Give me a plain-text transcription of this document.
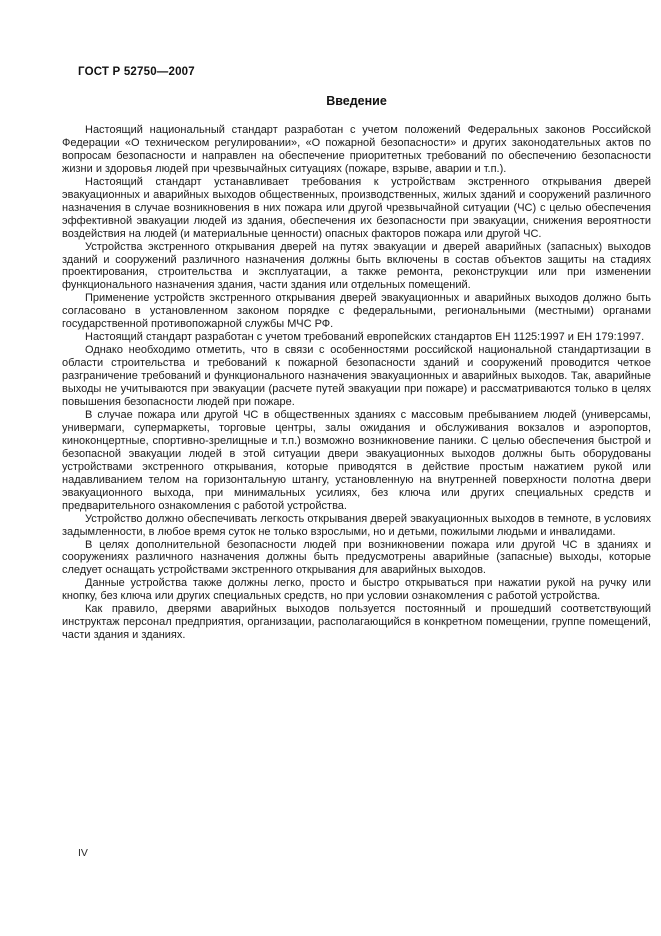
ГОСТ Р 52750—2007
Введение

Настоящий национальный стандарт разработан с учетом положений Федеральных законов Российской Федерации «О техническом регулировании», «О пожарной безопасности» и других законодательных актов по вопросам безопасности и направлен на обеспечение приоритетных требований по обеспечению безопасности жизни и здоровья людей при чрезвычайных ситуациях (пожаре, взрыве, аварии и т.п.).

Настоящий стандарт устанавливает требования к устройствам экстренного открывания дверей эвакуационных и аварийных выходов общественных, производственных, жилых зданий и сооружений различного назначения в случае возникновения в них пожара или другой чрезвычайной ситуации (ЧС) с целью обеспечения эффективной эвакуации людей из здания, обеспечения их безопасности при эвакуации, снижения вероятности воздействия на людей (и материальные ценности) опасных факторов пожара или другой ЧС.

Устройства экстренного открывания дверей на путях эвакуации и дверей аварийных (запасных) выходов зданий и сооружений различного назначения должны быть включены в состав объектов защиты на стадиях проектирования, строительства и эксплуатации, а также ремонта, реконструкции или при изменении функционального назначения здания, части здания или отдельных помещений.

Применение устройств экстренного открывания дверей эвакуационных и аварийных выходов должно быть согласовано в установленном законом порядке с федеральными, региональными (местными) органами государственной противопожарной службы МЧС РФ.

Настоящий стандарт разработан с учетом требований европейских стандартов ЕН 1125:1997 и ЕН 179:1997.

Однако необходимо отметить, что в связи с особенностями российской национальной стандартизации в области строительства и требований к пожарной безопасности зданий и сооружений проводится четкое разграничение требований и функционального назначения эвакуационных и аварийных выходов. Так, аварийные выходы не учитываются при эвакуации (расчете путей эвакуации при пожаре) и рассматриваются только в целях повышения безопасности людей при пожаре.

В случае пожара или другой ЧС в общественных зданиях с массовым пребыванием людей (универсамы, универмаги, супермаркеты, торговые центры, залы ожидания и обслуживания вокзалов и аэропортов, киноконцертные, спортивно-зрелищные и т.п.) возможно возникновение паники. С целью обеспечения быстрой и безопасной эвакуации людей в этой ситуации двери эвакуационных выходов должны быть оборудованы устройствами экстренного открывания, которые приводятся в действие простым нажатием рукой или надавливанием телом на горизонтальную штангу, установленную на внутренней поверхности полотна двери эвакуационного выхода, при минимальных усилиях, без ключа или других специальных средств и предварительного ознакомления с работой устройства.

Устройство должно обеспечивать легкость открывания дверей эвакуационных выходов в темноте, в условиях задымленности, в любое время суток не только взрослыми, но и детьми, пожилыми людьми и инвалидами.

В целях дополнительной безопасности людей при возникновении пожара или другой ЧС в зданиях и сооружениях различного назначения должны быть предусмотрены аварийные (запасные) выходы, которые следует оснащать устройствами экстренного открывания для аварийных выходов.

Данные устройства также должны легко, просто и быстро открываться при нажатии рукой на ручку или кнопку, без ключа или других специальных средств, но при условии ознакомления с работой устройства.

Как правило, дверями аварийных выходов пользуется постоянный и прошедший соответствующий инструктаж персонал предприятия, организации, располагающийся в конкретном помещении, группе помещений, части здания и зданиях.

IV
